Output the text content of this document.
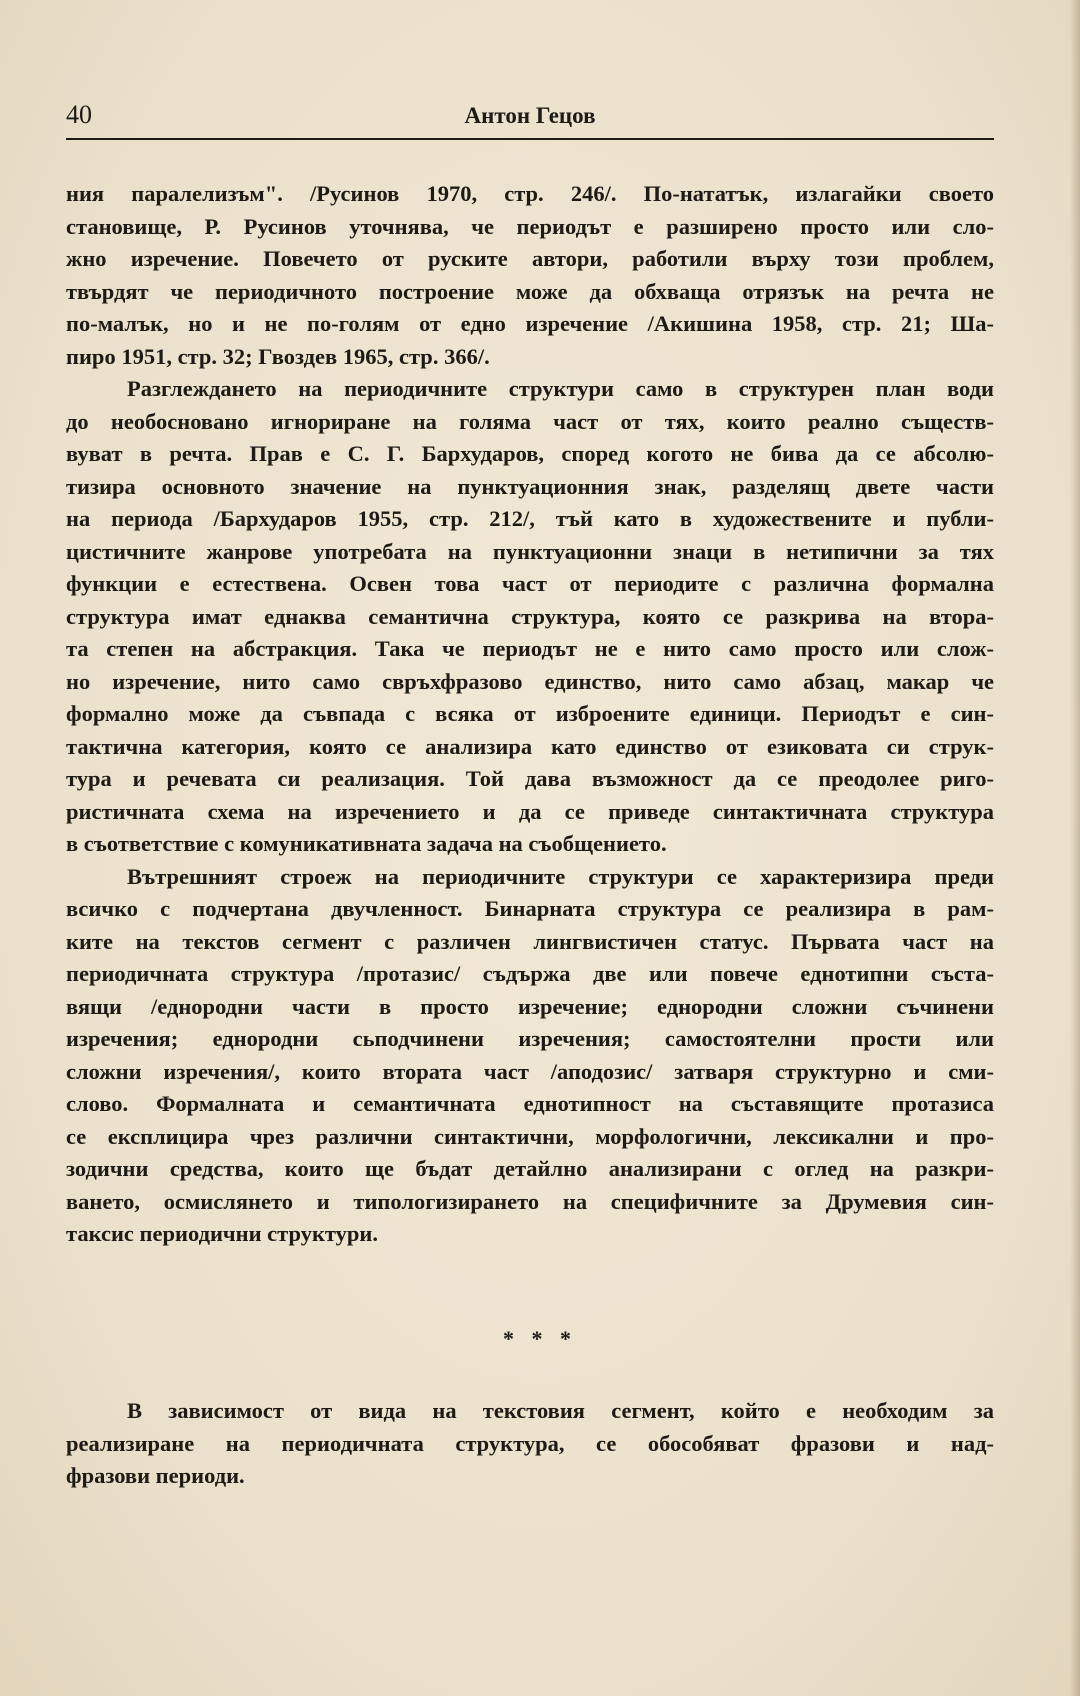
40	Антон Гецов
ния паралелизъм". /Русинов 1970, стр. 246/. По-нататък, излагайки своето
становище, Р. Русинов уточнява, че периодът е разширено просто или сло-
жно изречение. Повечето от руските автори, работили върху този проблем,
твърдят че периодичното построение може да обхваща отрязък на речта не
по-малък, но и не по-голям от едно изречение /Акишина 1958, стр. 21; Ша-
пиро 1951, стр. 32; Гвоздев 1965, стр. 366/.
Разглеждането на периодичните структури само в структурен план води
до необосновано игнориране на голяма част от тях, които реално съществ-
вуват в речта. Прав е С. Г. Бархударов, според когото не бива да се абсолю-
тизира основното значение на пунктуационния знак, разделящ двете части
на периода /Бархударов 1955, стр. 212/, тъй като в художествените и публи-
цистичните жанрове употребата на пунктуационни знаци в нетипични за тях
функции е естествена. Освен това част от периодите с различна формална
структура имат еднаква семантична структура, която се разкрива на втора-
та степен на абстракция. Така че периодът не е нито само просто или слож-
но изречение, нито само свръхфразово единство, нито само абзац, макар че
формално може да съвпада с всяка от изброените единици. Периодът е син-
тактична категория, която се анализира като единство от езиковата си струк-
тура и речевата си реализация. Той дава възможност да се преодолее риго-
ристичната схема на изречението и да се приведе синтактичната структура
в съответствие с комуникативната задача на съобщението.
Вътрешният строеж на периодичните структури се характеризира преди
всичко с подчертана двучленност. Бинарната структура се реализира в рам-
ките на текстов сегмент с различен лингвистичен статус. Първата част на
периодичната структура /протазис/ съдържа две или повече еднотипни съста-
вящи /еднородни части в просто изречение; еднородни сложни съчинени
изречения; еднородни сьподчинени изречения; самостоятелни прости или
сложни изречения/, които втората част /аподозис/ затваря структурно и сми-
слово. Формалната и семантичната еднотипност на съставящите протазиса
се експлицира чрез различни синтактични, морфологични, лексикални и про-
зодични средства, които ще бъдат детайлно анализирани с оглед на разкри-
ването, осмислянето и типологизирането на специфичните за Друмевия син-
таксис периодични структури.
* * *
В зависимост от вида на текстовия сегмент, който е необходим за
реализиране на периодичната структура, се обособяват фразови и над-
фразови периоди.
